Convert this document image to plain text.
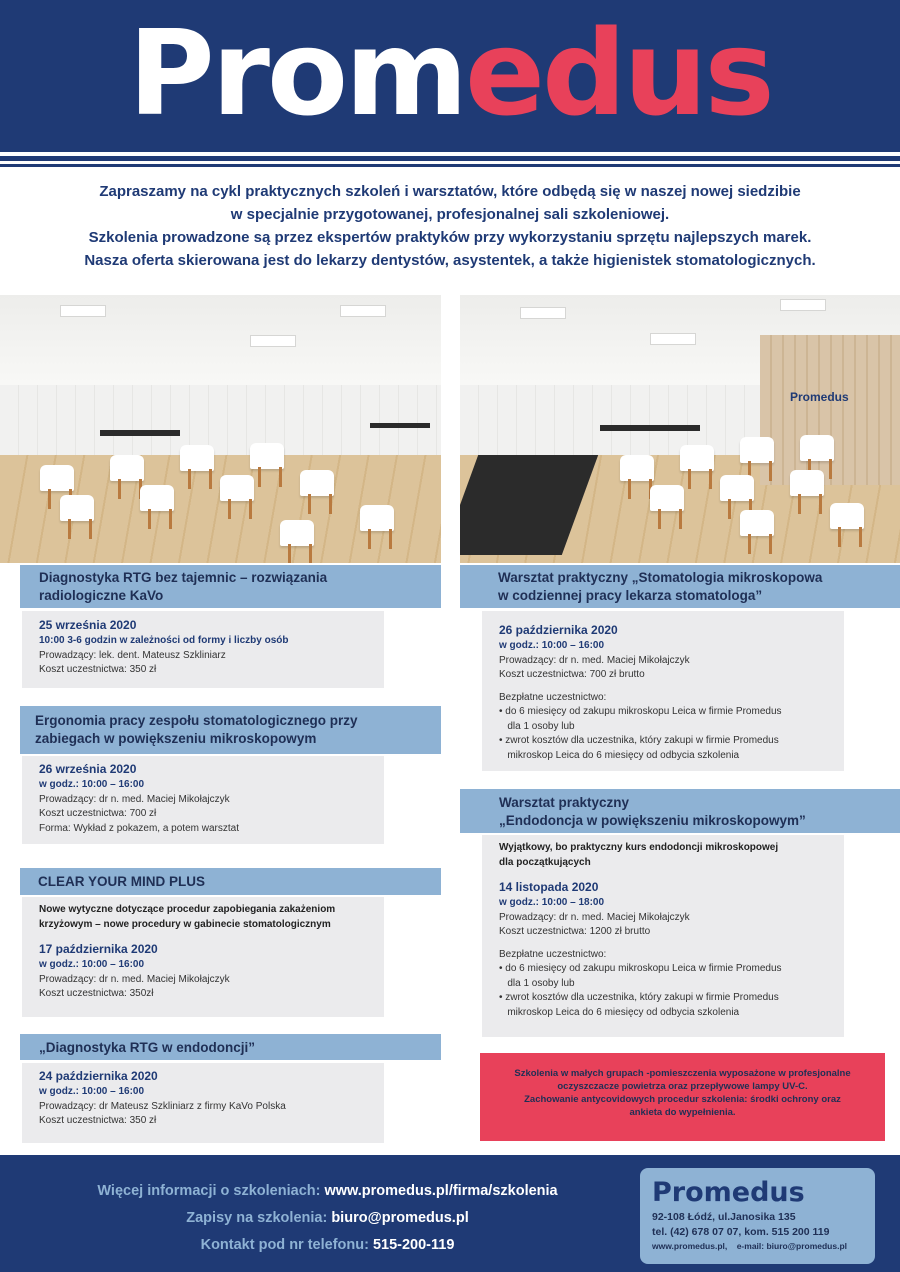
Promedus
Zapraszamy na cykl praktycznych szkoleń i warsztatów, które odbędą się w naszej nowej siedzibie
w specjalnie przygotowanej, profesjonalnej sali szkoleniowej.
Szkolenia prowadzone są przez ekspertów praktyków przy wykorzystaniu sprzętu najlepszych marek.
Nasza oferta skierowana jest do lekarzy dentystów, asystentek, a także higienistek stomatologicznych.
Promedus
Diagnostyka RTG bez tajemnic – rozwiązania
radiologiczne KaVo
25 września 2020
10:00 3-6 godzin w zależności od formy i liczby osób
Prowadzący: lek. dent. Mateusz Szkliniarz
Koszt uczestnictwa: 350 zł
Ergonomia pracy zespołu stomatologicznego przy
zabiegach w powiększeniu mikroskopowym
26 września 2020
w godz.: 10:00 – 16:00
Prowadzący: dr n. med. Maciej Mikołajczyk
Koszt uczestnictwa: 700 zł
Forma: Wykład z pokazem, a potem warsztat
CLEAR YOUR MIND PLUS
Nowe wytyczne dotyczące procedur zapobiegania zakażeniom
krzyżowym – nowe procedury w gabinecie stomatologicznym
17 października 2020
w godz.: 10:00 – 16:00
Prowadzący: dr n. med. Maciej Mikołajczyk
Koszt uczestnictwa: 350zł
„Diagnostyka RTG w endodoncji”
24 października 2020
w godz.: 10:00 – 16:00
Prowadzący: dr Mateusz Szkliniarz z firmy KaVo Polska
Koszt uczestnictwa: 350 zł
Warsztat praktyczny „Stomatologia mikroskopowa
w codziennej pracy lekarza stomatologa”
26 października 2020
w godz.: 10:00 – 16:00
Prowadzący: dr n. med. Maciej Mikołajczyk
Koszt uczestnictwa: 700 zł brutto
Bezpłatne uczestnictwo:
• do 6 miesięcy od zakupu mikroskopu Leica w firmie Promedus
dla 1 osoby lub
• zwrot kosztów dla uczestnika, który zakupi w firmie Promedus
mikroskop Leica do 6 miesięcy od odbycia szkolenia
Warsztat praktyczny
„Endodoncja w powiększeniu mikroskopowym”
Wyjątkowy, bo praktyczny kurs endodoncji mikroskopowej
dla początkujących
14 listopada 2020
w godz.: 10:00 – 18:00
Prowadzący: dr n. med. Maciej Mikołajczyk
Koszt uczestnictwa: 1200 zł brutto
Bezpłatne uczestnictwo:
• do 6 miesięcy od zakupu mikroskopu Leica w firmie Promedus
dla 1 osoby lub
• zwrot kosztów dla uczestnika, który zakupi w firmie Promedus
mikroskop Leica do 6 miesięcy od odbycia szkolenia
Szkolenia w małych grupach -pomieszczenia wyposażone w profesjonalne
oczyszczacze powietrza oraz przepływowe lampy UV-C.
Zachowanie antycovidowych procedur szkolenia: środki ochrony oraz
ankieta do wypełnienia.
Więcej informacji o szkoleniach: www.promedus.pl/firma/szkolenia
Zapisy na szkolenia: biuro@promedus.pl
Kontakt pod nr telefonu: 515-200-119
Promedus
92-108 Łódź, ul.Janosika 135
tel. (42) 678 07 07, kom. 515 200 119
www.promedus.pl, e-mail: biuro@promedus.pl
